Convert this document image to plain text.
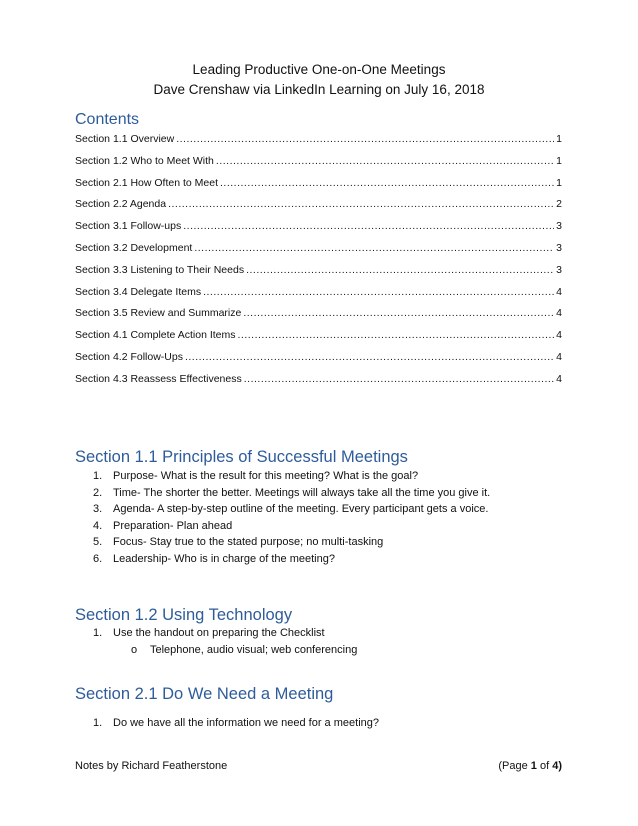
Leading Productive One-on-One Meetings
Dave Crenshaw via LinkedIn Learning on July 16, 2018
Contents
Section 1.1 Overview .....	1
Section 1.2 Who to Meet With .....	1
Section 2.1 How Often to Meet .....	1
Section 2.2 Agenda .....	2
Section 3.1 Follow-ups .....	3
Section 3.2 Development .....	3
Section 3.3 Listening to Their Needs .....	3
Section 3.4 Delegate Items .....	4
Section 3.5 Review and Summarize .....	4
Section 4.1 Complete Action Items .....	4
Section 4.2 Follow-Ups .....	4
Section 4.3 Reassess Effectiveness .....	4
Section 1.1 Principles of Successful Meetings
1. Purpose- What is the result for this meeting? What is the goal?
2. Time- The shorter the better. Meetings will always take all the time you give it.
3. Agenda- A step-by-step outline of the meeting. Every participant gets a voice.
4. Preparation- Plan ahead
5. Focus- Stay true to the stated purpose; no multi-tasking
6. Leadership- Who is in charge of the meeting?
Section 1.2 Using Technology
1. Use the handout on preparing the Checklist
o	Telephone, audio visual; web conferencing
Section 2.1 Do We Need a Meeting
1. Do we have all the information we need for a meeting?
Notes by Richard Featherstone	(Page 1 of 4)
